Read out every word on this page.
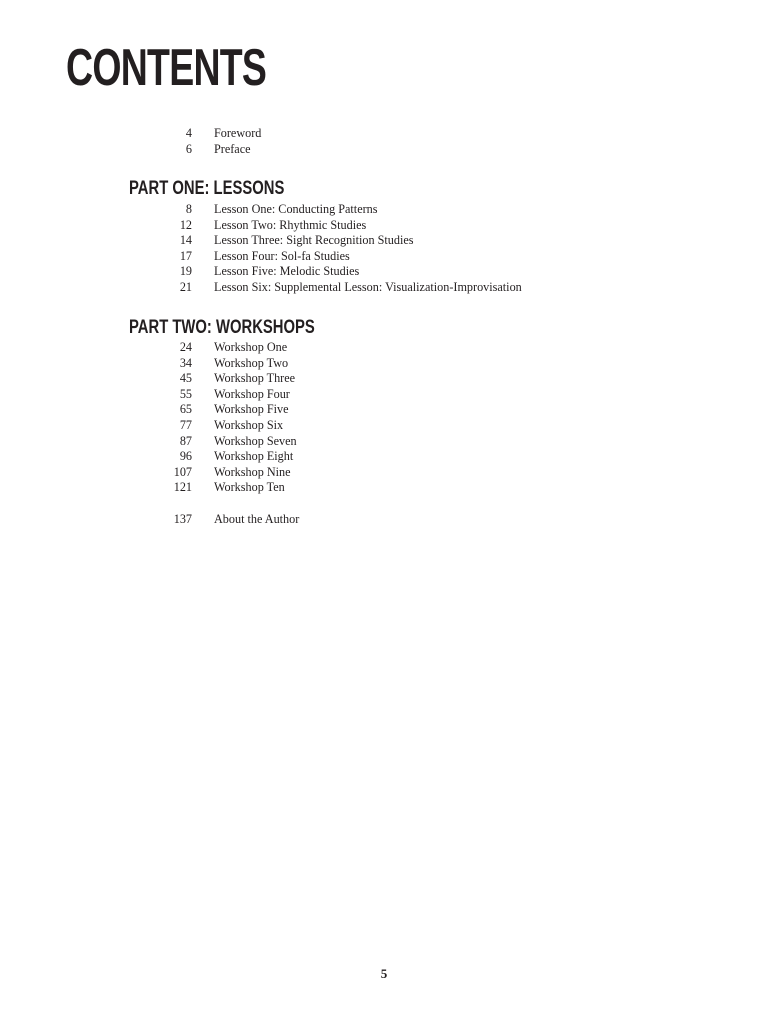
CONTENTS
4 Foreword
6 Preface
PART ONE: LESSONS
8 Lesson One: Conducting Patterns
12 Lesson Two: Rhythmic Studies
14 Lesson Three: Sight Recognition Studies
17 Lesson Four: Sol-fa Studies
19 Lesson Five: Melodic Studies
21 Lesson Six: Supplemental Lesson: Visualization-Improvisation
PART TWO: WORKSHOPS
24 Workshop One
34 Workshop Two
45 Workshop Three
55 Workshop Four
65 Workshop Five
77 Workshop Six
87 Workshop Seven
96 Workshop Eight
107 Workshop Nine
121 Workshop Ten
137 About the Author
5
